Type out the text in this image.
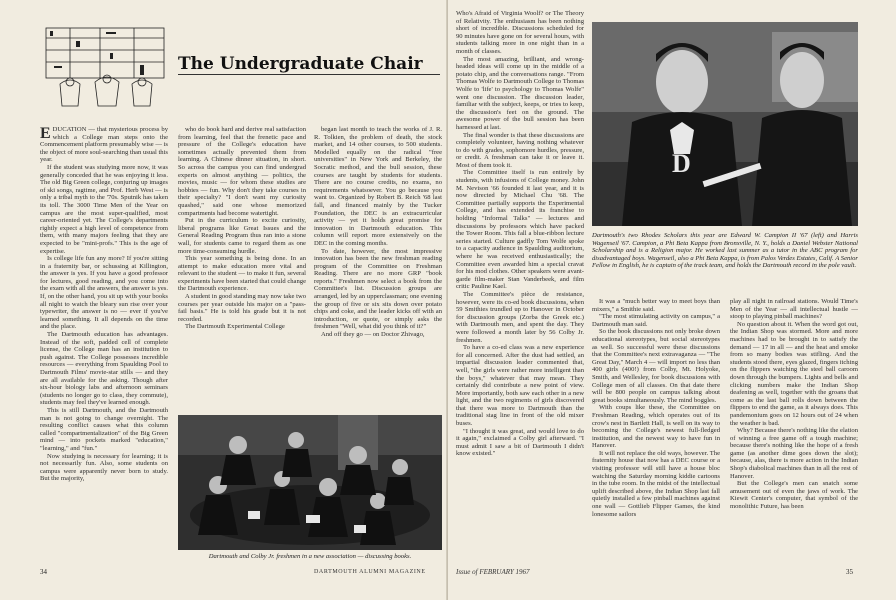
The Undergraduate Chair

EDUCATION — that mysterious process by which a College man steps onto the Commencement platform presumably wise — is the object of more soul-searching than usual this year.

If the student was studying more now, it was generally conceded that he was enjoying it less. The old Big Green college, conjuring up images of ski songs, ragtime, and Prof. Herb West — is only a tribal myth to the '70s. Sputnik has taken its toll. The 3000 Time Men of the Year on campus are the most super-qualified, most career-oriented yet. The College's departments rightly expect a high level of competence from them, with many majors feeling that they are expected to be "mini-profs." This is the age of expertise.

Is college life fun any more? If you're sitting in a fraternity bar, or schussing at Killington, the answer is yes. If you have a good professor for lectures, good reading, and you come into the exam with all the answers, the answer is yes. If, on the other hand, you sit up with your books all night to watch the bleary sun rise over your typewriter, the answer is no — ever if you've learned something. It all depends on the time and the place.

The Dartmouth education has advantages. Instead of the soft, padded cell of complete license, the College man has an institution to push against. The College possesses incredible resources — everything from Spaulding Pool to Dartmouth Films' movie-star stills — and they are all available for the asking. Though after six-hour biology labs and afternoon seminars (students no longer go to class, they commute), students may feel they've learned enough.

This is still Dartmouth, and the Dartmouth man is not going to change overnight. The resulting conflict causes what this column called "compartmentalization" of the Big Green mind — into pockets marked "education," "learning," and "fun."

Now studying is necessary for learning; it is not necessarily fun. Also, some students on campus were apparently never born to study. But the majority,

who do book hard and derive real satisfaction from learning, feel that the frenetic pace and pressure of the College's education have sometimes actually prevented them from learning. A Chinese dinner situation, in short. So across the campus you can find undergrad experts on almost anything — politics, the movies, music — for whom these studies are hobbies — fun. Why don't they take courses in their specialty? "I don't want my curiosity quashed," said one whose memorized compartments had become watertight.

Put in the curriculum to excite curiosity, liberal programs like Great Issues and the General Reading Program thus ran into a stone wall, for students came to regard them as one more time-consuming hurdle.

This year something is being done. In an attempt to make education more vital and relevant to the student — to make it fun, several experiments have been started that could change the Dartmouth experience.

A student in good standing may now take two courses per year outside his major on a "pass-fail basis." He is told his grade but it is not recorded.

The Dartmouth Experimental College

began last month to teach the works of J. R. R. Tolkien, the problem of death, the stock market, and 14 other courses, to 500 students. Modelled equally on the radical "free universities" in New York and Berkeley, the Socratic method, and the bull session, these courses are taught by students for students. There are no course credits, no exams, no requirements whatsoever. You go because you want to. Organized by Robert B. Reich '68 last fall, and financed mainly by the Tucker Foundation, the DEC is an extracurricular activity — yet it holds great promise for innovation in Dartmouth education. This column will report more extensively on the DEC in the coming months.

To date, however, the most impressive innovation has been the new freshman reading program of the Committee on Freshman Reading. There are no more GRP "book reports." Freshmen now select a book from the Committee's list. Discussion groups are arranged, led by an upperclassman; one evening the group of five or six sits down over potato chips and coke, and the leader kicks off with an introduction, or quote, or simply asks the freshmen "Well, what did you think of it?"

And off they go — on Doctor Zhivago,

Dartmouth and Colby Jr. freshmen in a new association — discussing books.
34	DARTMOUTH ALUMNI MAGAZINE

Who's Afraid of Virginia Woolf? or The Theory of Relativity. The enthusiasm has been nothing short of incredible. Discussions scheduled for 90 minutes have gone on for several hours, with students talking more in one night than in a month of classes.

The most amazing, brilliant, and wrong-headed ideas will come up in the middle of a potato chip, and the conversations range. "From Thomas Wolfe to Dartmouth College to Thomas Wolfe to 'life' to psychology to Thomas Wolfe" went one discussion. The discussion leader, familiar with the subject, keeps, or tries to keep, the discussion's feet on the ground. The awesome power of the bull session has been harnessed at last.

The final wonder is that these discussions are completely volunteer, having nothing whatever to do with grades, sophomore hurdles, pressure, or credit. A freshman can take it or leave it. Most of them took it.

The Committee itself is run entirely by students, with infusions of College money. John M. Nevison '66 founded it last year, and it is now directed by Michael Chu '68. The Committee partially supports the Experimental College, and has extended its franchise to holding "Informal Talks" — lectures and discussions by professors which have packed the Tower Room. This fall a blue-ribbon lecture series started. Culture gadfly Tom Wolfe spoke to a capacity audience in Spaulding auditorium, where he was received enthusiastically; the Committee even awarded him a special cravat for his mod clothes. Other speakers were avant-garde film-maker Stan Vanderbeek, and film critic Pauline Kael.

The Committee's pièce de resistance, however, were its co-ed book discussions, when 59 Smithies trundled up to Hanover in October for discussion groups (Zorba the Greek etc.) with Dartmouth men, and spent the day. They were followed a month later by 56 Colby Jr. freshmen.

To have a co-ed class was a new experience for all concerned. After the dust had settled, an impartial discussion leader commented that, well, "the girls were rather more intelligent than the boys," whatever that may mean. They certainly did contribute a new point of view. More importantly, both saw each other in a new light, and the two regiments of girls discovered that there was more to Dartmouth than the traditional stag line in front of the old mixer buses.

"I thought it was great, and would love to do it again," exclaimed a Colby girl afterward. "I must admit I saw a bit of Dartmouth I didn't know existed."

D
Dartmouth's two Rhodes Scholars this year are Edward W. Campion II '67 (left) and Harris Wagenseil '67. Campion, a Phi Beta Kappa from Bronxville, N. Y., holds a Daniel Webster National Scholarship and is a Religion major. He worked last summer as a tutor in the ABC program for disadvantaged boys. Wagenseil, also a Phi Beta Kappa, is from Palos Verdes Estates, Calif. A Senior Fellow in English, he is captain of the track team, and holds the Dartmouth record in the pole vault.

It was a "much better way to meet boys than mixers," a Smithie said.

"The most stimulating activity on campus," a Dartmouth man said.

So the book discussions not only broke down educational stereotypes, but social stereotypes as well. So successful were these discussions that the Committee's next extravaganza — "The Great Day," March 4 — will import no less than 400 girls (400!) from Colby, Mt. Holyoke, Smith, and Wellesley, for book discussions with College men of all classes. On that date there will be 800 people on campus talking about great books simultaneously. The mind boggles.

With coups like these, the Committee on Freshman Reading, which operates out of its crow's nest in Bartlett Hall, is well on its way to becoming the College's newest full-fledged institution, and the newest way to have fun in Hanover.

It will not replace the old ways, however. The fraternity house that now has a DEC course or a visiting professor will still have a house bloc watching the Saturday morning kiddie cartoons in the tube room. In the midst of the intellectual uplift described above, the Indian Shop last fall quietly installed a few pinball machines against one wall — Gottlieb Flipper Games, the kind lonesome sailors

play all night in railroad stations. Would Time's Men of the Year — all intellectual hustle — stoop to playing pinball machines?

No question about it. When the word got out, the Indian Shop was stormed. More and more machines had to be brought in to satisfy the demand — 17 in all — and the heat and smoke from so many bodies was stifling. And the students stood there, eyes glazed, fingers itching on the flippers watching the steel ball caroom down through the bumpers. Lights and bells and clicking numbers make the Indian Shop deafening as well, together with the groans that come as the last ball rolls down between the flippers to end the game, as it always does. This pandemonium goes on 12 hours out of 24 when the weather is bad.

Why? Because there's nothing like the elation of winning a free game off a tough machine; because there's nothing like the hope of a fresh game (as another dime goes down the slot); because, alas, there is more action in the Indian Shop's diabolical machines than in all the rest of Hanover.

But the College's men can snatch some amusement out of even the jaws of work. The Kiewit Center's computer, that symbol of the monolithic Future, has been

Issue of FEBRUARY 1967	35
